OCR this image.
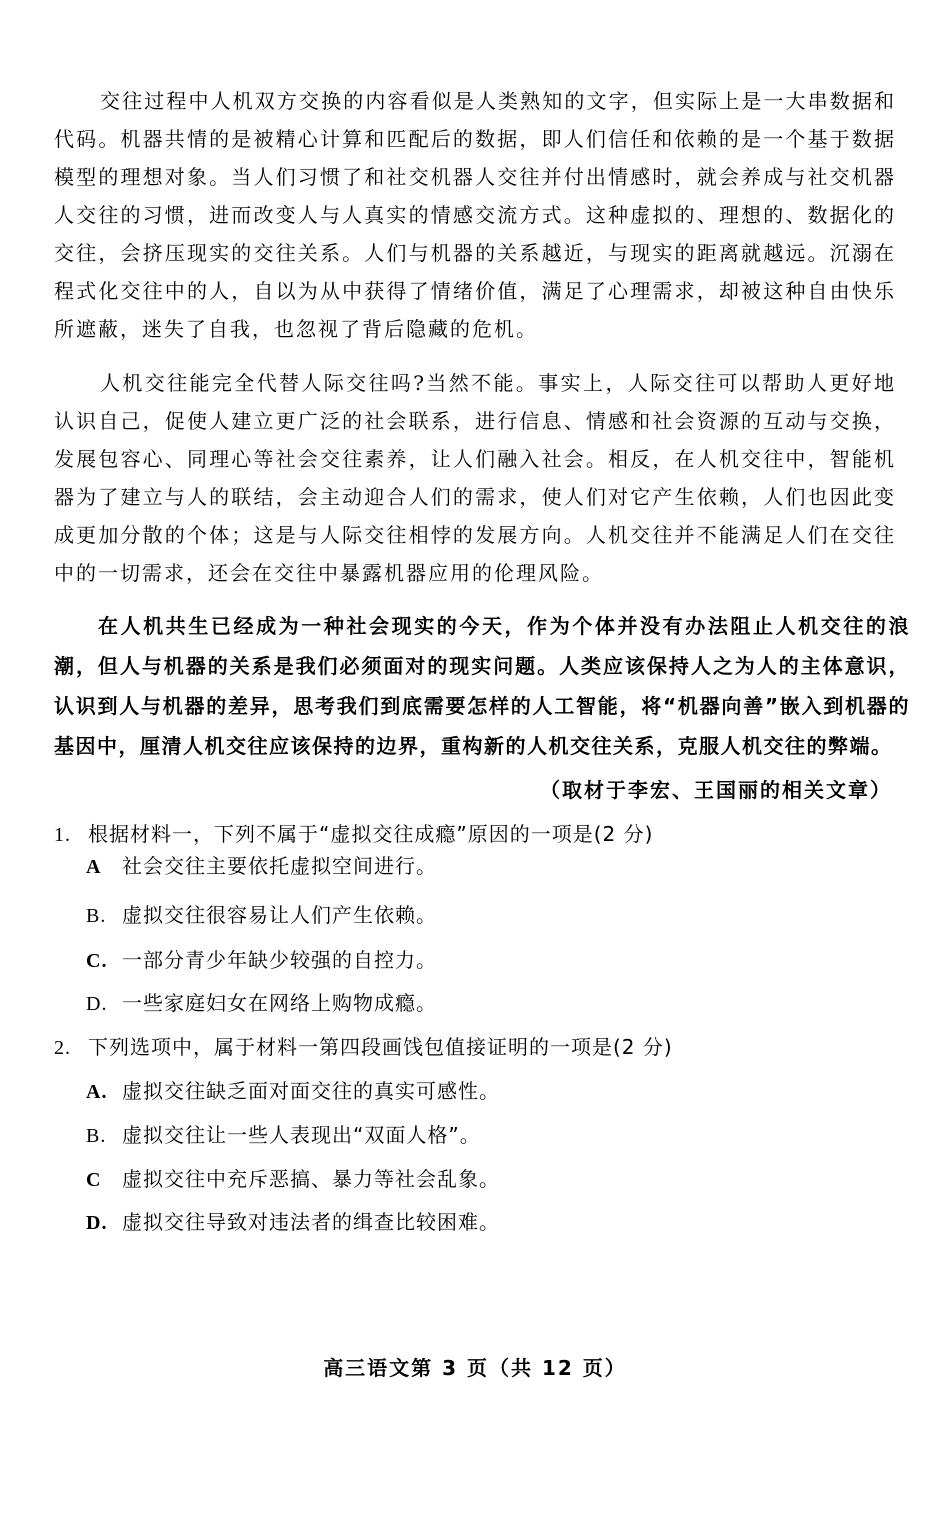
交往过程中人机双方交换的内容看似是人类熟知的文字，但实际上是一大串数据和代码。机器共情的是被精心计算和匹配后的数据，即人们信任和依赖的是一个基于数据模型的理想对象。当人们习惯了和社交机器人交往并付出情感时，就会养成与社交机器人交往的习惯，进而改变人与人真实的情感交流方式。这种虚拟的、理想的、数据化的交往，会挤压现实的交往关系。人们与机器的关系越近，与现实的距离就越远。沉溺在程式化交往中的人，自以为从中获得了情绪价值，满足了心理需求，却被这种自由快乐所遮蔽，迷失了自我，也忽视了背后隐藏的危机。

人机交往能完全代替人际交往吗?当然不能。事实上，人际交往可以帮助人更好地认识自己，促使人建立更广泛的社会联系，进行信息、情感和社会资源的互动与交换，发展包容心、同理心等社会交往素养，让人们融入社会。相反，在人机交往中，智能机器为了建立与人的联结，会主动迎合人们的需求，使人们对它产生依赖，人们也因此变成更加分散的个体；这是与人际交往相悖的发展方向。人机交往并不能满足人们在交往中的一切需求，还会在交往中暴露机器应用的伦理风险。

在人机共生已经成为一种社会现实的今天，作为个体并没有办法阻止人机交往的浪潮，但人与机器的关系是我们必须面对的现实问题。人类应该保持人之为人的主体意识，认识到人与机器的差异，思考我们到底需要怎样的人工智能，将“机器向善”嵌入到机器的基因中，厘清人机交往应该保持的边界，重构新的人机交往关系，克服人机交往的弊端。

（取材于李宏、王国丽的相关文章）
1. 根据材料一，下列不属于“虚拟交往成瘾”原因的一项是(2 分)
A 社会交往主要依托虚拟空间进行。
B. 虚拟交往很容易让人们产生依赖。
C. 一部分青少年缺少较强的自控力。
D. 一些家庭妇女在网络上购物成瘾。
2. 下列选项中，属于材料一第四段画饯包值接证明的一项是(2 分)
A. 虚拟交往缺乏面对面交往的真实可感性。
B. 虚拟交往让一些人表现出“双面人格”。
C 虚拟交往中充斥恶搞、暴力等社会乱象。
D. 虚拟交往导致对违法者的缉查比较困难。
高三语文第 3 页（共 12 页）
